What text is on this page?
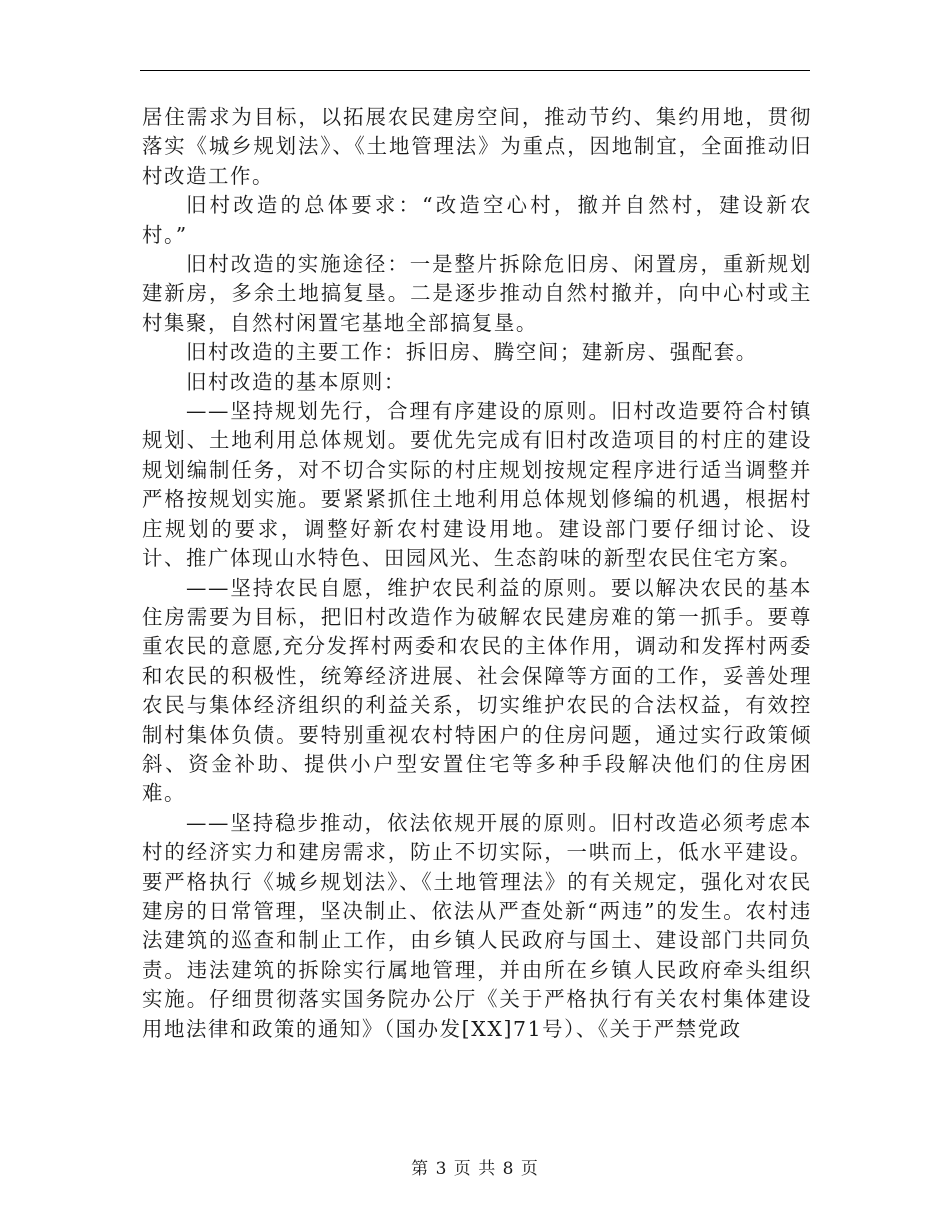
居住需求为目标，以拓展农民建房空间，推动节约、集约用地，贯彻落实《城乡规划法》、《土地管理法》为重点，因地制宜，全面推动旧村改造工作。

旧村改造的总体要求：“改造空心村，撤并自然村，建设新农村。”

旧村改造的实施途径：一是整片拆除危旧房、闲置房，重新规划建新房，多余土地搞复垦。二是逐步推动自然村撤并，向中心村或主村集聚，自然村闲置宅基地全部搞复垦。

旧村改造的主要工作：拆旧房、腾空间；建新房、强配套。

旧村改造的基本原则：

——坚持规划先行，合理有序建设的原则。旧村改造要符合村镇规划、土地利用总体规划。要优先完成有旧村改造项目的村庄的建设规划编制任务，对不切合实际的村庄规划按规定程序进行适当调整并严格按规划实施。要紧紧抓住土地利用总体规划修编的机遇，根据村庄规划的要求，调整好新农村建设用地。建设部门要仔细讨论、设计、推广体现山水特色、田园风光、生态韵味的新型农民住宅方案。

——坚持农民自愿，维护农民利益的原则。要以解决农民的基本住房需要为目标，把旧村改造作为破解农民建房难的第一抓手。要尊重农民的意愿,充分发挥村两委和农民的主体作用，调动和发挥村两委和农民的积极性，统筹经济进展、社会保障等方面的工作，妥善处理农民与集体经济组织的利益关系，切实维护农民的合法权益，有效控制村集体负债。要特别重视农村特困户的住房问题，通过实行政策倾斜、资金补助、提供小户型安置住宅等多种手段解决他们的住房困难。

——坚持稳步推动，依法依规开展的原则。旧村改造必须考虑本村的经济实力和建房需求，防止不切实际，一哄而上，低水平建设。要严格执行《城乡规划法》、《土地管理法》的有关规定，强化对农民建房的日常管理，坚决制止、依法从严查处新“两违”的发生。农村违法建筑的巡查和制止工作，由乡镇人民政府与国土、建设部门共同负责。违法建筑的拆除实行属地管理，并由所在乡镇人民政府牵头组织实施。仔细贯彻落实国务院办公厅《关于严格执行有关农村集体建设用地法律和政策的通知》（国办发[XX]71号）、《关于严禁党政

第 3 页 共 8 页
